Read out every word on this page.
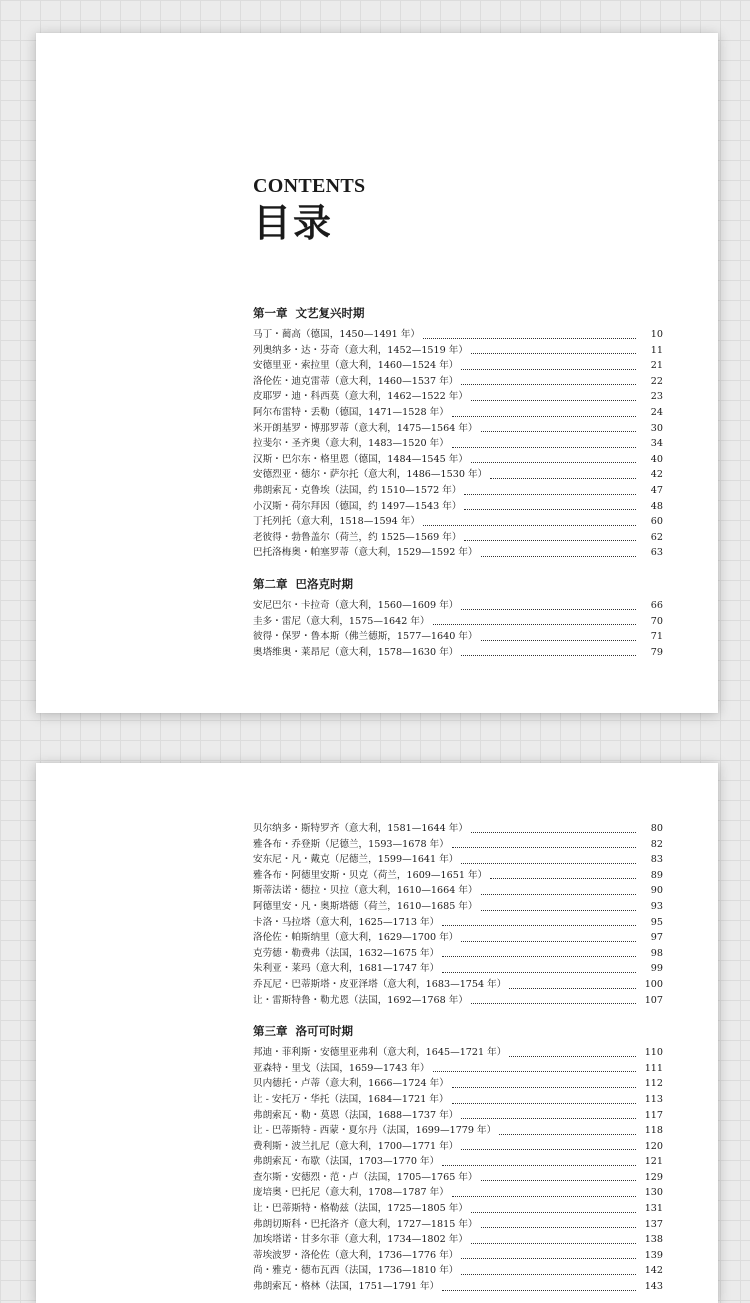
CONTENTS
目录
第一章 文艺复兴时期
马丁・蔺高（德国，1450—1491 年）	10
列奥纳多・达・芬奇（意大利，1452—1519 年）	11
安德里亚・索拉里（意大利，1460—1524 年）	21
洛伦佐・迪克雷蒂（意大利，1460—1537 年）	22
皮耶罗・迪・科西莫（意大利，1462—1522 年）	23
阿尔布雷特・丢勒（德国，1471—1528 年）	24
米开朗基罗・博那罗蒂（意大利，1475—1564 年）	30
拉斐尔・圣齐奥（意大利，1483—1520 年）	34
汉斯・巴尔东・格里恩（德国，1484—1545 年）	40
安德烈亚・德尔・萨尔托（意大利，1486—1530 年）	42
弗朗索瓦・克鲁埃（法国，约 1510—1572 年）	47
小汉斯・荷尔拜因（德国，约 1497—1543 年）	48
丁托列托（意大利，1518—1594 年）	60
老彼得・勃鲁盖尔（荷兰，约 1525—1569 年）	62
巴托洛梅奥・帕塞罗蒂（意大利，1529—1592 年）	63
第二章 巴洛克时期
安尼巴尔・卡拉奇（意大利，1560—1609 年）	66
圭多・雷尼（意大利，1575—1642 年）	70
彼得・保罗・鲁本斯（佛兰德斯，1577—1640 年）	71
奥塔维奥・莱昂尼（意大利，1578—1630 年）	79
贝尔纳多・斯特罗齐（意大利，1581—1644 年）	80
雅各布・乔登斯（尼德兰，1593—1678 年）	82
安东尼・凡・戴克（尼德兰，1599—1641 年）	83
雅各布・阿德里安斯・贝克（荷兰，1609—1651 年）	89
斯蒂法诺・德拉・贝拉（意大利，1610—1664 年）	90
阿德里安・凡・奥斯塔德（荷兰，1610—1685 年）	93
卡洛・马拉塔（意大利，1625—1713 年）	95
洛伦佐・帕斯纳里（意大利，1629—1700 年）	97
克劳德・勒费弗（法国，1632—1675 年）	98
朱利亚・莱玛（意大利，1681—1747 年）	99
乔瓦尼・巴蒂斯塔・皮亚泽塔（意大利，1683—1754 年）	100
让・雷斯特鲁・勒尤恩（法国，1692—1768 年）	107
第三章 洛可可时期
邦迪・菲利斯・安德里亚弗利（意大利，1645—1721 年）	110
亚森特・里戈（法国，1659—1743 年）	111
贝内德托・卢蒂（意大利，1666—1724 年）	112
让 - 安托万・华托（法国，1684—1721 年）	113
弗朗索瓦・勒・莫恩（法国，1688—1737 年）	117
让 - 巴蒂斯特 - 西蒙・夏尔丹（法国，1699—1779 年）	118
费利斯・波兰扎尼（意大利，1700—1771 年）	120
弗朗索瓦・布歇（法国，1703—1770 年）	121
查尔斯・安德烈・范・卢（法国，1705—1765 年）	129
庞培奥・巴托尼（意大利，1708—1787 年）	130
让・巴蒂斯特・格勒兹（法国，1725—1805 年）	131
弗朗切斯科・巴托洛齐（意大利，1727—1815 年）	137
加埃塔诺・甘多尔菲（意大利，1734—1802 年）	138
蒂埃波罗・洛伦佐（意大利，1736—1776 年）	139
尚・雅克・德布瓦西（法国，1736—1810 年）	142
弗朗索瓦・格林（法国，1751—1791 年）	143
